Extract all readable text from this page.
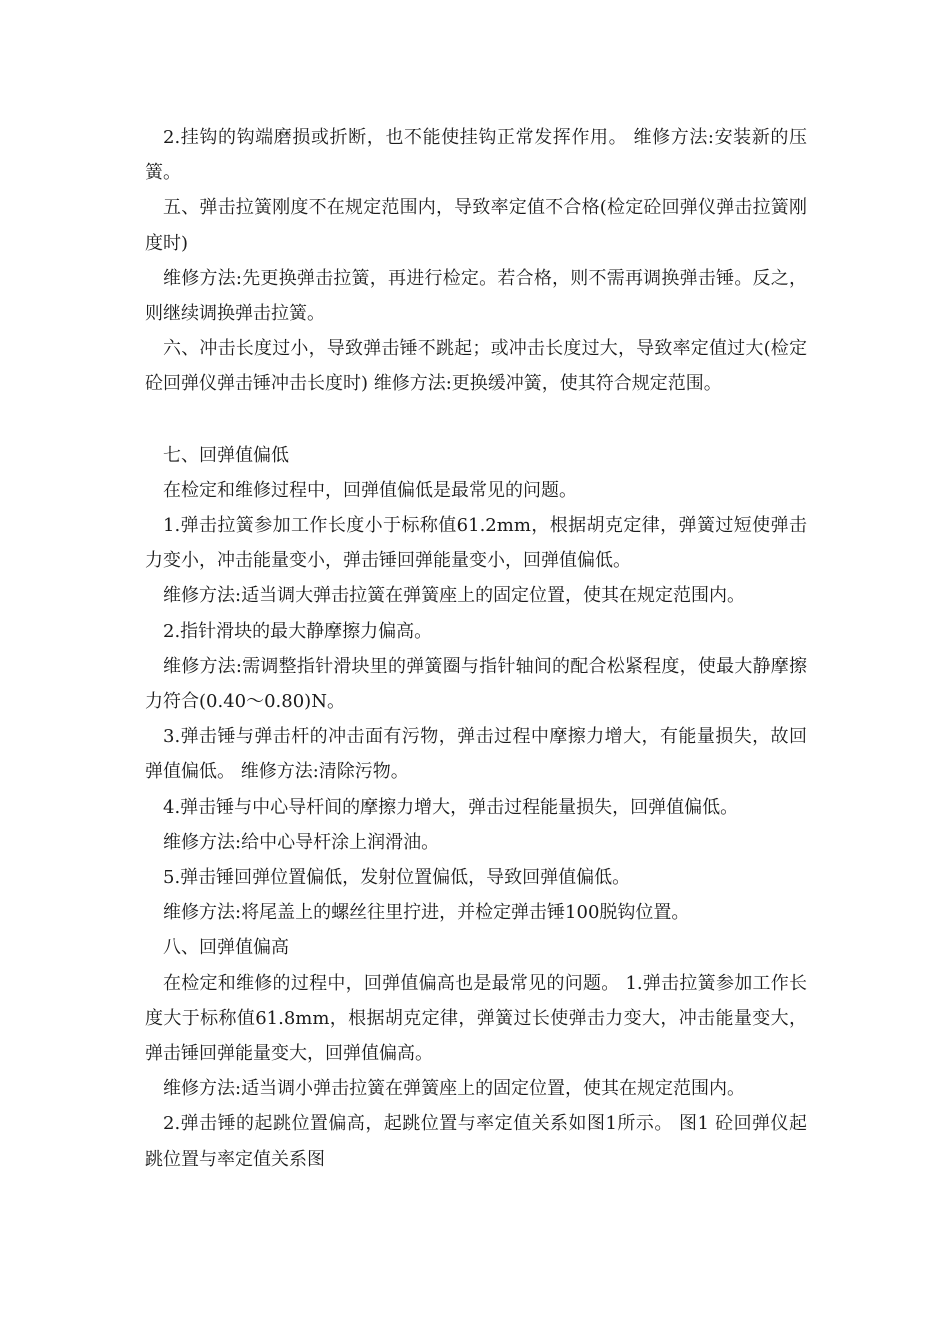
2.挂钩的钩端磨损或折断，也不能使挂钩正常发挥作用。 维修方法:安装新的压簧。

五、弹击拉簧刚度不在规定范围内，导致率定值不合格(检定砼回弹仪弹击拉簧刚度时)

维修方法:先更换弹击拉簧，再进行检定。若合格，则不需再调换弹击锤。反之，则继续调换弹击拉簧。

六、冲击长度过小，导致弹击锤不跳起；或冲击长度过大，导致率定值过大(检定砼回弹仪弹击锤冲击长度时) 维修方法:更换缓冲簧，使其符合规定范围。

七、回弹值偏低

在检定和维修过程中，回弹值偏低是最常见的问题。

1.弹击拉簧参加工作长度小于标称值61.2mm，根据胡克定律，弹簧过短使弹击力变小，冲击能量变小，弹击锤回弹能量变小，回弹值偏低。

维修方法:适当调大弹击拉簧在弹簧座上的固定位置，使其在规定范围内。

2.指针滑块的最大静摩擦力偏高。

维修方法:需调整指针滑块里的弹簧圈与指针轴间的配合松紧程度，使最大静摩擦力符合(0.40～0.80)N。

3.弹击锤与弹击杆的冲击面有污物，弹击过程中摩擦力增大，有能量损失，故回弹值偏低。 维修方法:清除污物。

4.弹击锤与中心导杆间的摩擦力增大，弹击过程能量损失，回弹值偏低。

维修方法:给中心导杆涂上润滑油。

5.弹击锤回弹位置偏低，发射位置偏低，导致回弹值偏低。

维修方法:将尾盖上的螺丝往里拧进，并检定弹击锤100脱钩位置。

八、回弹值偏高

在检定和维修的过程中，回弹值偏高也是最常见的问题。 1.弹击拉簧参加工作长度大于标称值61.8mm，根据胡克定律，弹簧过长使弹击力变大，冲击能量变大，弹击锤回弹能量变大，回弹值偏高。

维修方法:适当调小弹击拉簧在弹簧座上的固定位置，使其在规定范围内。

2.弹击锤的起跳位置偏高，起跳位置与率定值关系如图1所示。 图1 砼回弹仪起跳位置与率定值关系图
